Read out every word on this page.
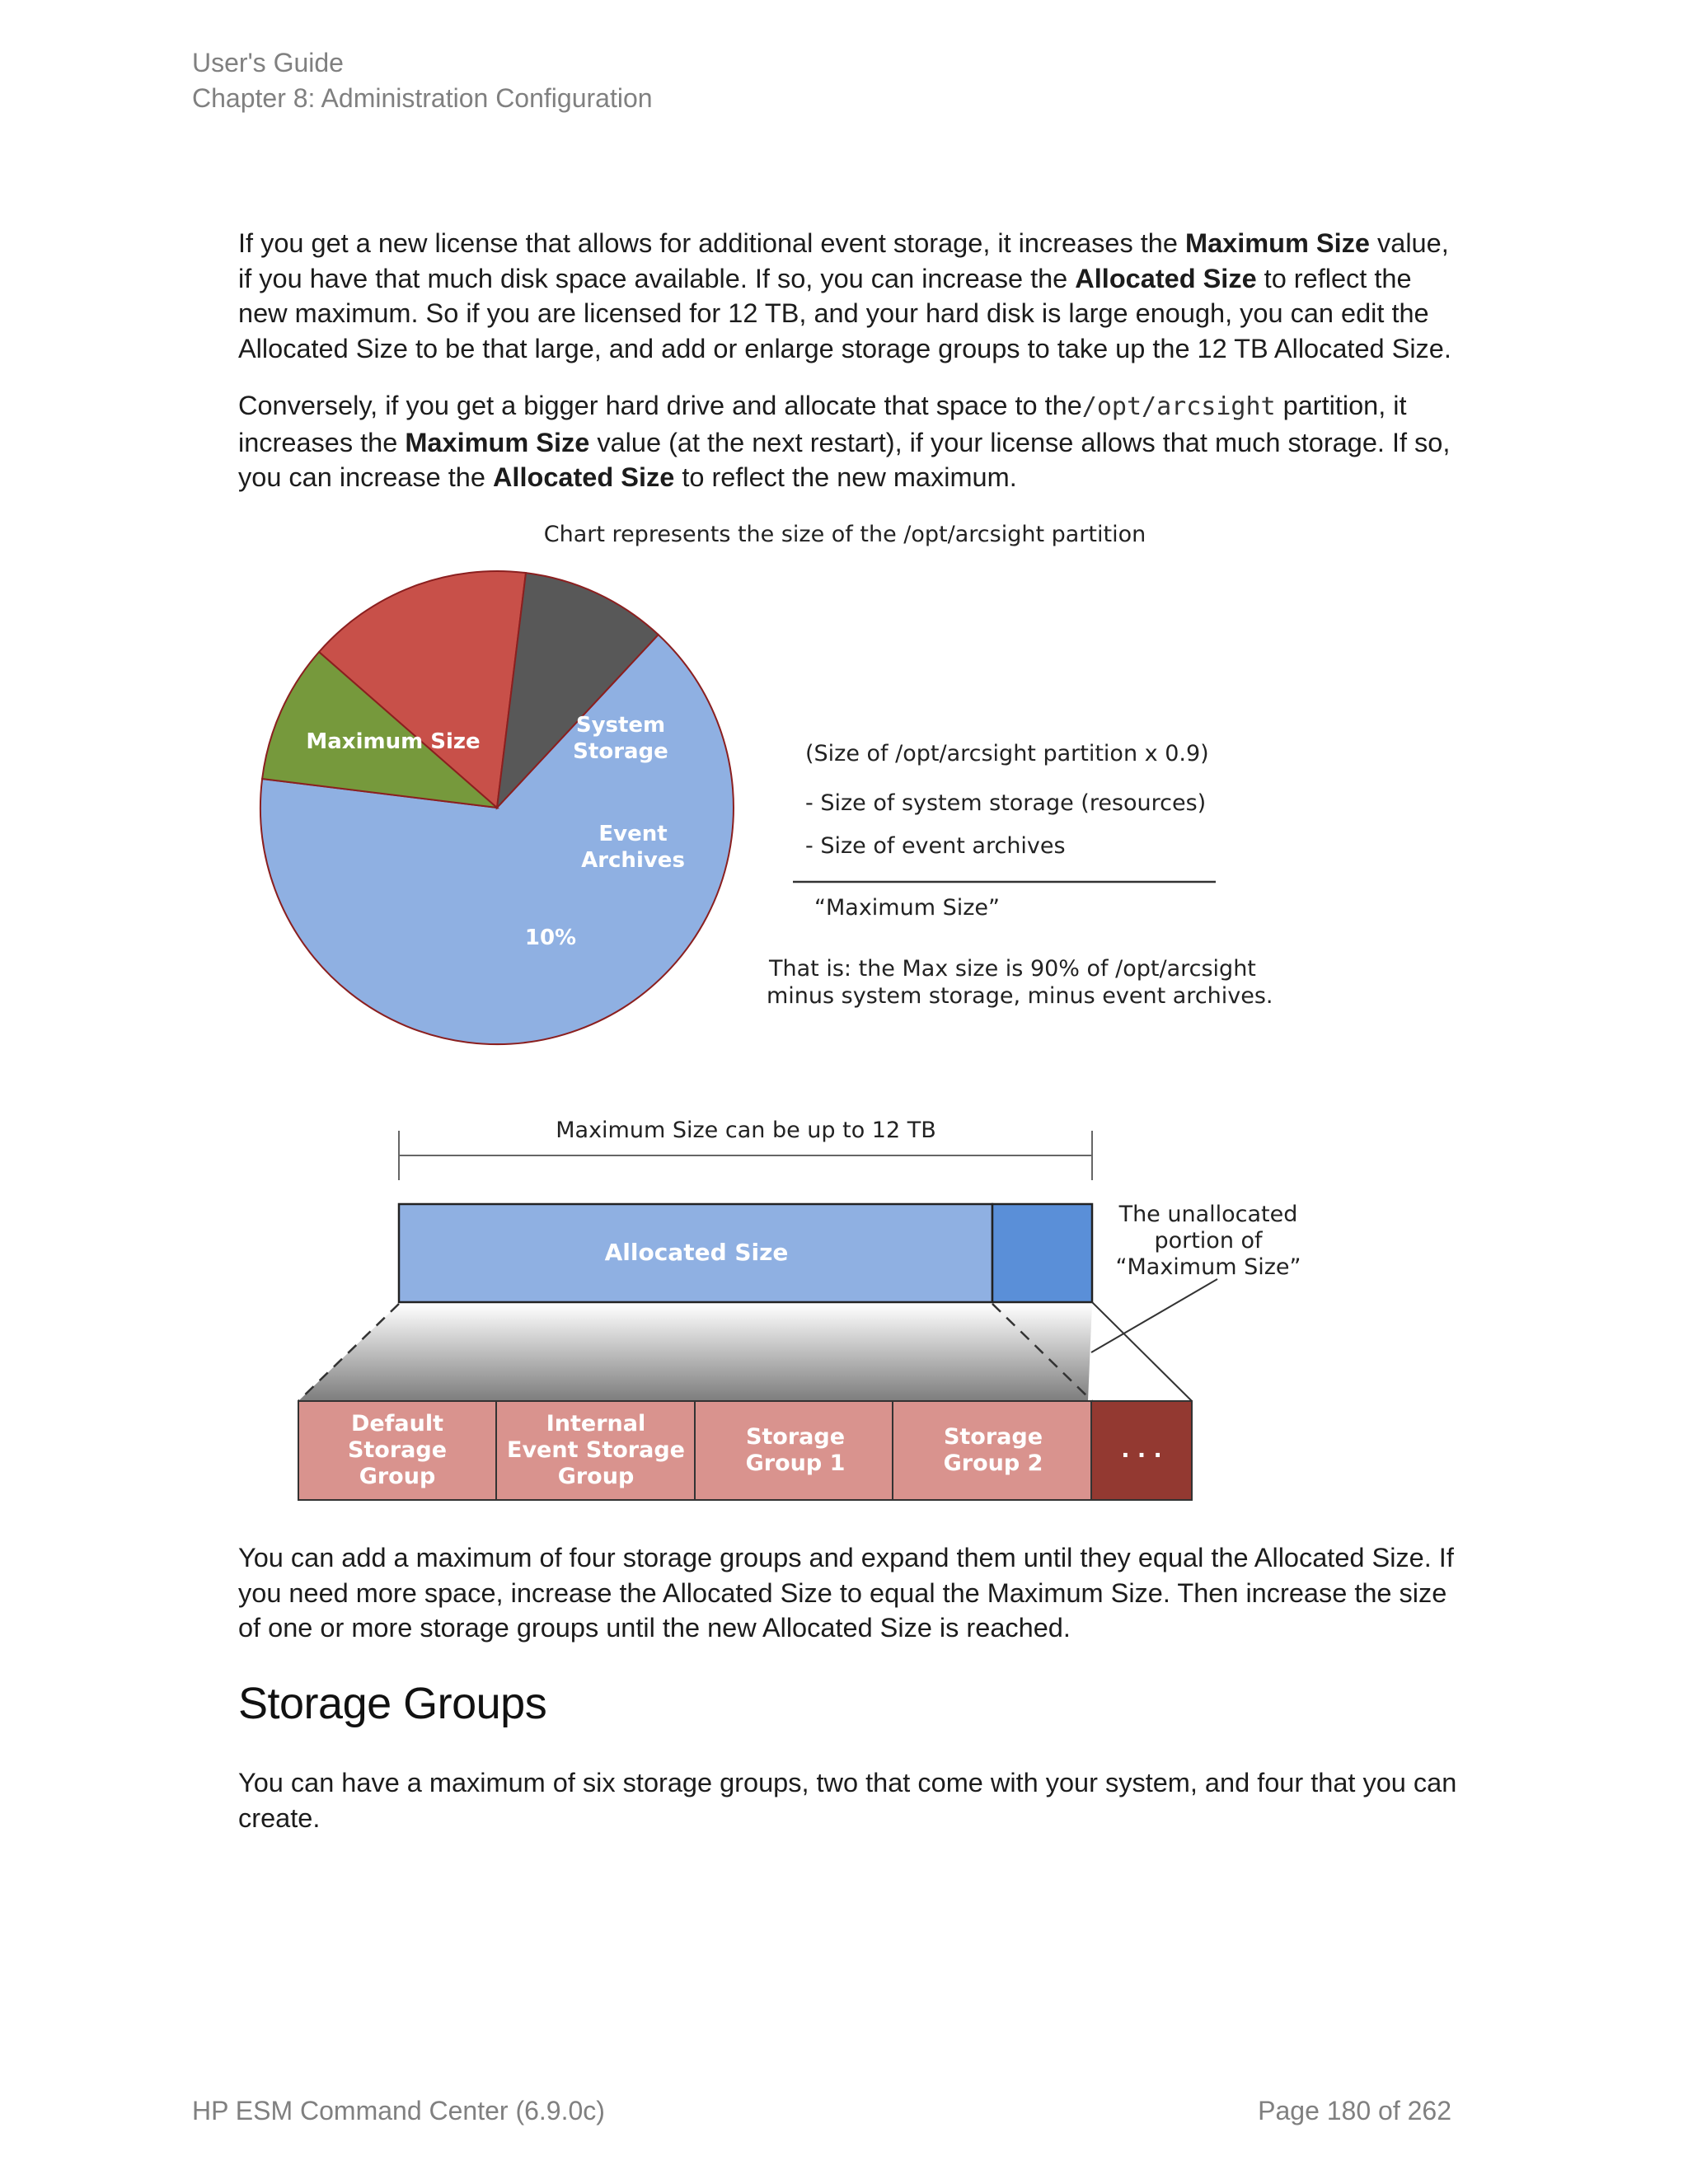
User's Guide
Chapter 8: Administration Configuration

If you get a new license that allows for additional event storage, it increases the Maximum Size value, if you have that much disk space available. If so, you can increase the Allocated Size to reflect the new maximum. So if you are licensed for 12 TB, and your hard disk is large enough, you can edit the Allocated Size to be that large, and add or enlarge storage groups to take up the 12 TB Allocated Size.

Conversely, if you get a bigger hard drive and allocate that space to the/opt/arcsight partition, it increases the Maximum Size value (at the next restart), if your license allows that much storage. If so, you can increase the Allocated Size to reflect the new maximum.

Chart represents the size of the /opt/arcsight partition
Maximum Size
System
Storage
Event
Archives
10%
(Size of /opt/arcsight partition x 0.9)
- Size of system storage (resources)
- Size of event archives
“Maximum Size”
That is: the Max size is 90% of /opt/arcsight
minus system storage, minus event archives.
Maximum Size can be up to 12 TB
Allocated Size
The unallocated
portion of
“Maximum Size”
Default
Storage
Group
Internal
Event Storage
Group
Storage
Group 1
Storage
Group 2
. . .

You can add a maximum of four storage groups and expand them until they equal the Allocated Size. If you need more space, increase the Allocated Size to equal the Maximum Size. Then increase the size of one or more storage groups until the new Allocated Size is reached.

Storage Groups

You can have a maximum of six storage groups, two that come with your system, and four that you can create.

HP ESM Command Center (6.9.0c)	Page 180 of 262
